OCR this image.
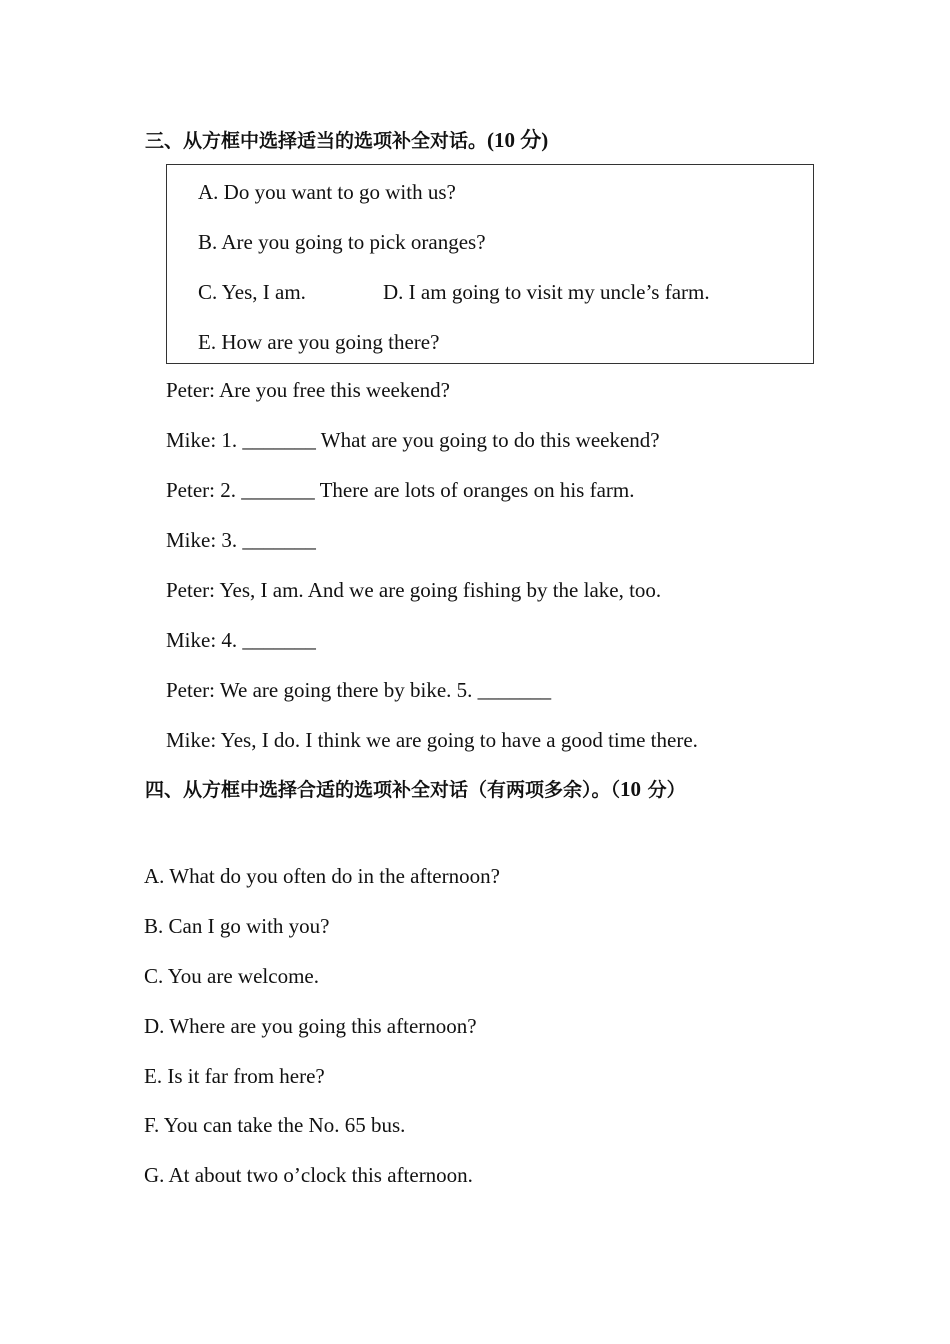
三、从方框中选择适当的选项补全对话。(10 分)
A. Do you want to go with us?
B. Are you going to pick oranges?
C. Yes, I am.	D. I am going to visit my uncle’s farm.
E. How are you going there?
Peter: Are you free this weekend?
Mike: 1. _______ What are you going to do this weekend?
Peter: 2. _______ There are lots of oranges on his farm.
Mike: 3. _______
Peter: Yes, I am. And we are going fishing by the lake, too.
Mike: 4. _______
Peter: We are going there by bike. 5. _______
Mike: Yes, I do. I think we are going to have a good time there.
四、从方框中选择合适的选项补全对话（有两项多余）。（10 分）
A. What do you often do in the afternoon?
B. Can I go with you?
C. You are welcome.
D. Where are you going this afternoon?
E. Is it far from here?
F. You can take the No. 65 bus.
G. At about two o’clock this afternoon.
